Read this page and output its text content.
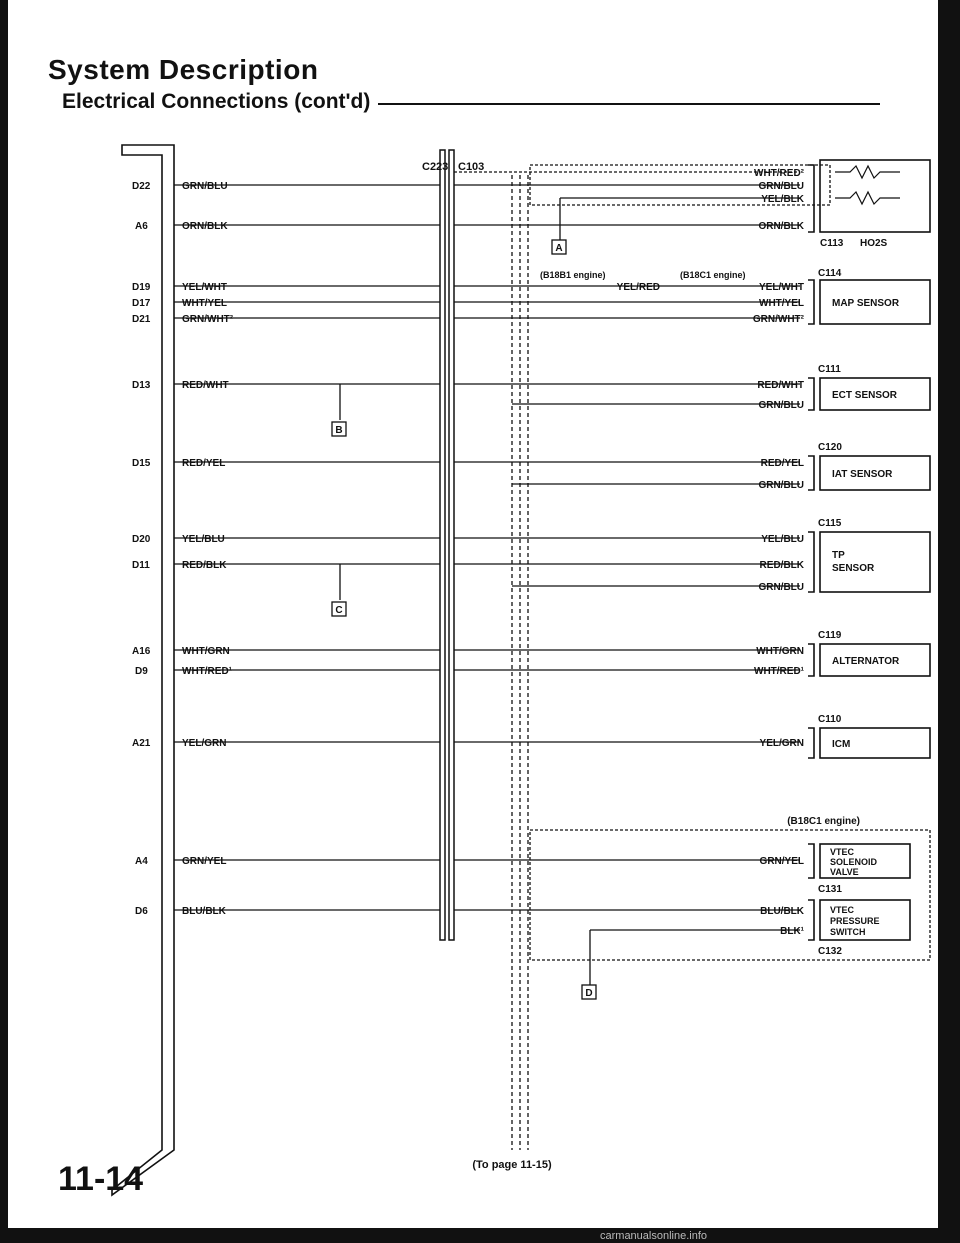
System Description
Electrical Connections (cont'd)
C223 C103
D22	GRN/BLU
A6	ORN/BLK
D19	YEL/WHT
D17	WHT/YEL
D21	GRN/WHT²
D13	RED/WHT
D15	RED/YEL
D20	YEL/BLU
D11	RED/BLK
A16	WHT/GRN
D9	WHT/RED¹
A21	YEL/GRN
A4	GRN/YEL
D6	BLU/BLK
WHT/RED²
GRN/BLU
YEL/BLK
ORN/BLK
YEL/RED	YEL/WHT
WHT/YEL
GRN/WHT²
RED/WHT
GRN/BLU
RED/YEL
GRN/BLU
YEL/BLU
RED/BLK
GRN/BLU
WHT/GRN
WHT/RED¹
YEL/GRN
GRN/YEL
BLU/BLK
BLK¹
(B18B1 engine)	(B18C1 engine)
(B18C1 engine)
C113 HO2S
C114
C111
C120
C115
C119
C110
C131
C132
MAP SENSOR
ECT SENSOR
IAT SENSOR
TP
SENSOR
ALTERNATOR
ICM
VTEC
SOLENOID
VALVE
VTEC
PRESSURE
SWITCH
A
B
C
D
(To page 11-15)
11-14
carmanualsonline.info
